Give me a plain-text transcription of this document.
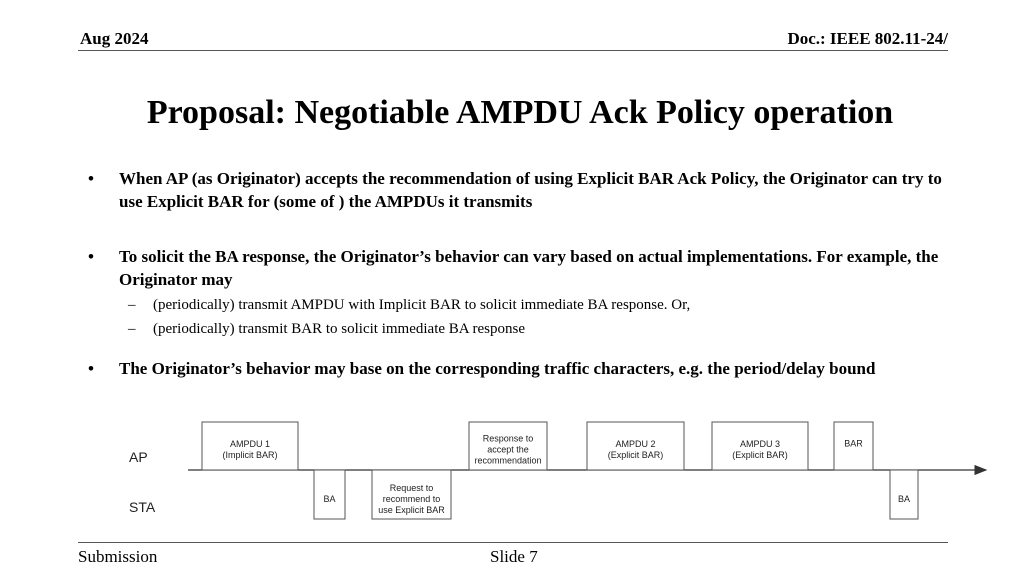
Aug 2024	Doc.: IEEE 802.11-24/
Proposal: Negotiable AMPDU Ack Policy operation
• When AP (as Originator) accepts the recommendation of using Explicit BAR Ack Policy, the Originator can try to use Explicit BAR for (some of ) the AMPDUs it transmits
• To solicit the BA response, the Originator’s behavior can vary based on actual implementations. For example, the Originator may
– (periodically) transmit AMPDU with Implicit BAR to solicit immediate BA response. Or,
– (periodically) transmit BAR to solicit immediate BA response
• The Originator’s behavior may base on the corresponding traffic characters, e.g. the period/delay bound
AP
STA
AMPDU 1
(Implicit BAR)
Response to
accept the
recommendation
AMPDU 2
(Explicit BAR)
AMPDU 3
(Explicit BAR)
BAR
BA
Request to
recommend to
use Explicit BAR
BA
Submission	Slide 7
